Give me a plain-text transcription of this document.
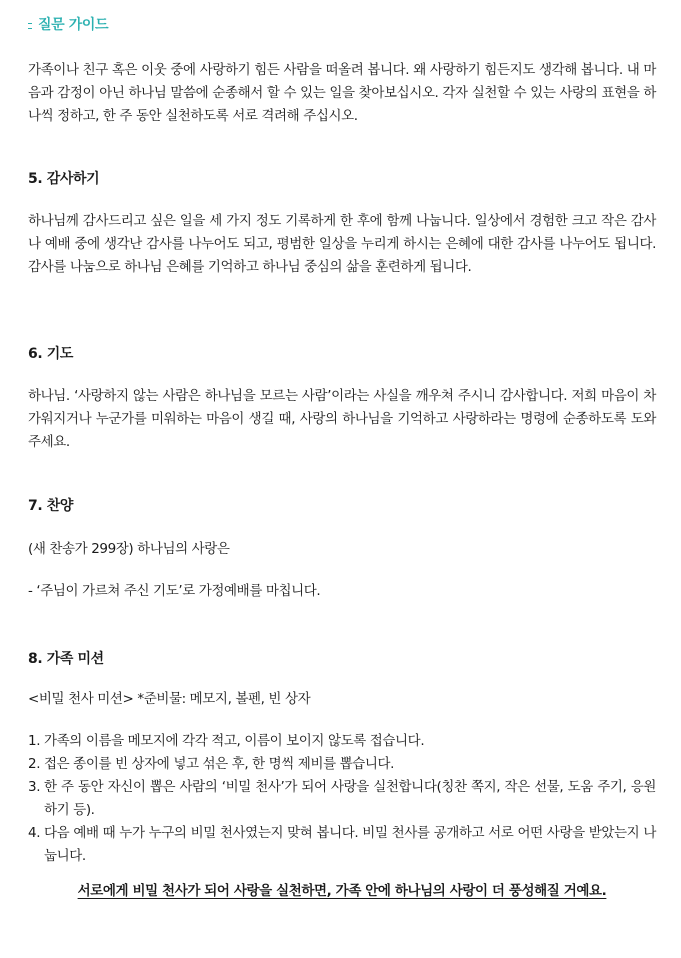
질문 가이드
가족이나 친구 혹은 이웃 중에 사랑하기 힘든 사람을 떠올려 봅니다. 왜 사랑하기 힘든지도 생각해 봅니다. 내 마음과 감정이 아닌 하나님 말씀에 순종해서 할 수 있는 일을 찾아보십시오. 각자 실천할 수 있는 사랑의 표현을 하나씩 정하고, 한 주 동안 실천하도록 서로 격려해 주십시오.
5. 감사하기
하나님께 감사드리고 싶은 일을 세 가지 정도 기록하게 한 후에 함께 나눕니다. 일상에서 경험한 크고 작은 감사나 예배 중에 생각난 감사를 나누어도 되고, 평범한 일상을 누리게 하시는 은혜에 대한 감사를 나누어도 됩니다. 감사를 나눔으로 하나님 은혜를 기억하고 하나님 중심의 삶을 훈련하게 됩니다.
6. 기도
하나님. ‘사랑하지 않는 사람은 하나님을 모르는 사람’이라는 사실을 깨우쳐 주시니 감사합니다. 저희 마음이 차가워지거나 누군가를 미워하는 마음이 생길 때, 사랑의 하나님을 기억하고 사랑하라는 명령에 순종하도록 도와주세요.
7. 찬양
(새 찬송가 299장) 하나님의 사랑은
- ‘주님이 가르쳐 주신 기도’로 가정예배를 마칩니다.
8. 가족 미션
<비밀 천사 미션> *준비물: 메모지, 볼펜, 빈 상자
1. 가족의 이름을 메모지에 각각 적고, 이름이 보이지 않도록 접습니다.
2. 접은 종이를 빈 상자에 넣고 섞은 후, 한 명씩 제비를 뽑습니다.
3. 한 주 동안 자신이 뽑은 사람의 ‘비밀 천사’가 되어 사랑을 실천합니다(칭찬 쪽지, 작은 선물, 도움 주기, 응원하기 등).
4. 다음 예배 때 누가 누구의 비밀 천사였는지 맞혀 봅니다. 비밀 천사를 공개하고 서로 어떤 사랑을 받았는지 나눕니다.
서로에게 비밀 천사가 되어 사랑을 실천하면, 가족 안에 하나님의 사랑이 더 풍성해질 거예요.
